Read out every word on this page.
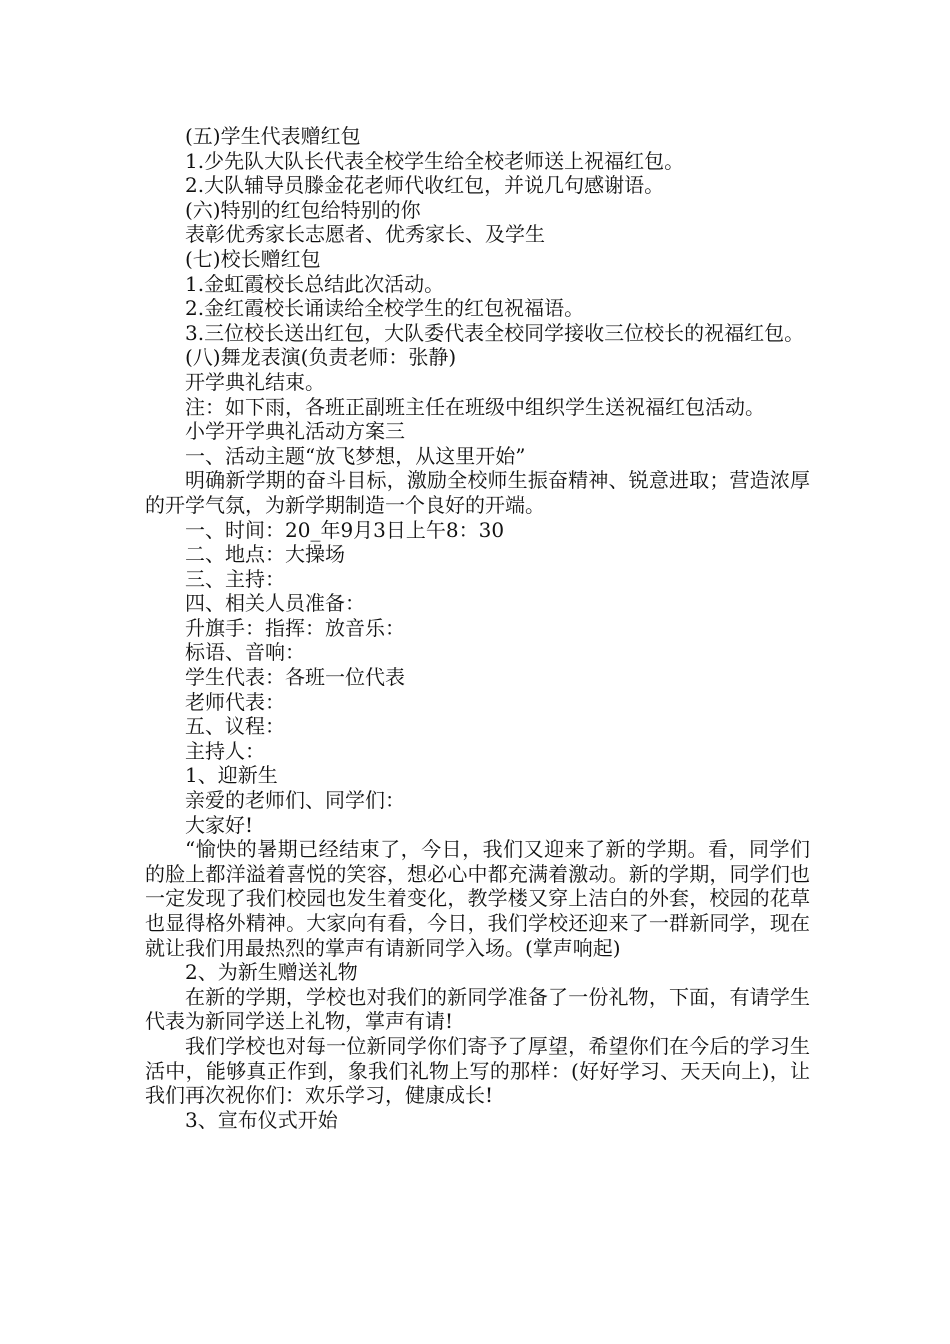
(五)学生代表赠红包

1.少先队大队长代表全校学生给全校老师送上祝福红包。

2.大队辅导员滕金花老师代收红包，并说几句感谢语。

(六)特别的红包给特别的你

表彰优秀家长志愿者、优秀家长、及学生

(七)校长赠红包

1.金虹霞校长总结此次活动。

2.金红霞校长诵读给全校学生的红包祝福语。

3.三位校长送出红包，大队委代表全校同学接收三位校长的祝福红包。

(八)舞龙表演(负责老师：张静)

开学典礼结束。

注：如下雨，各班正副班主任在班级中组织学生送祝福红包活动。

小学开学典礼活动方案三

一、活动主题“放飞梦想，从这里开始”

明确新学期的奋斗目标，激励全校师生振奋精神、锐意进取；营造浓厚的开学气氛，为新学期制造一个良好的开端。

一、时间：20_年9月3日上午8：30

二、地点：大操场

三、主持：

四、相关人员准备：

升旗手：指挥：放音乐：

标语、音响：

学生代表：各班一位代表

老师代表：

五、议程：

主持人：

1、迎新生

亲爱的老师们、同学们：

大家好!

“愉快的暑期已经结束了，今日，我们又迎来了新的学期。看，同学们的脸上都洋溢着喜悦的笑容，想必心中都充满着激动。新的学期，同学们也一定发现了我们校园也发生着变化，教学楼又穿上洁白的外套，校园的花草也显得格外精神。大家向有看，今日，我们学校还迎来了一群新同学，现在就让我们用最热烈的掌声有请新同学入场。(掌声响起)

2、为新生赠送礼物

在新的学期，学校也对我们的新同学准备了一份礼物，下面，有请学生代表为新同学送上礼物，掌声有请!

我们学校也对每一位新同学你们寄予了厚望，希望你们在今后的学习生活中，能够真正作到，象我们礼物上写的那样：(好好学习、天天向上)，让我们再次祝你们：欢乐学习，健康成长!

3、宣布仪式开始
